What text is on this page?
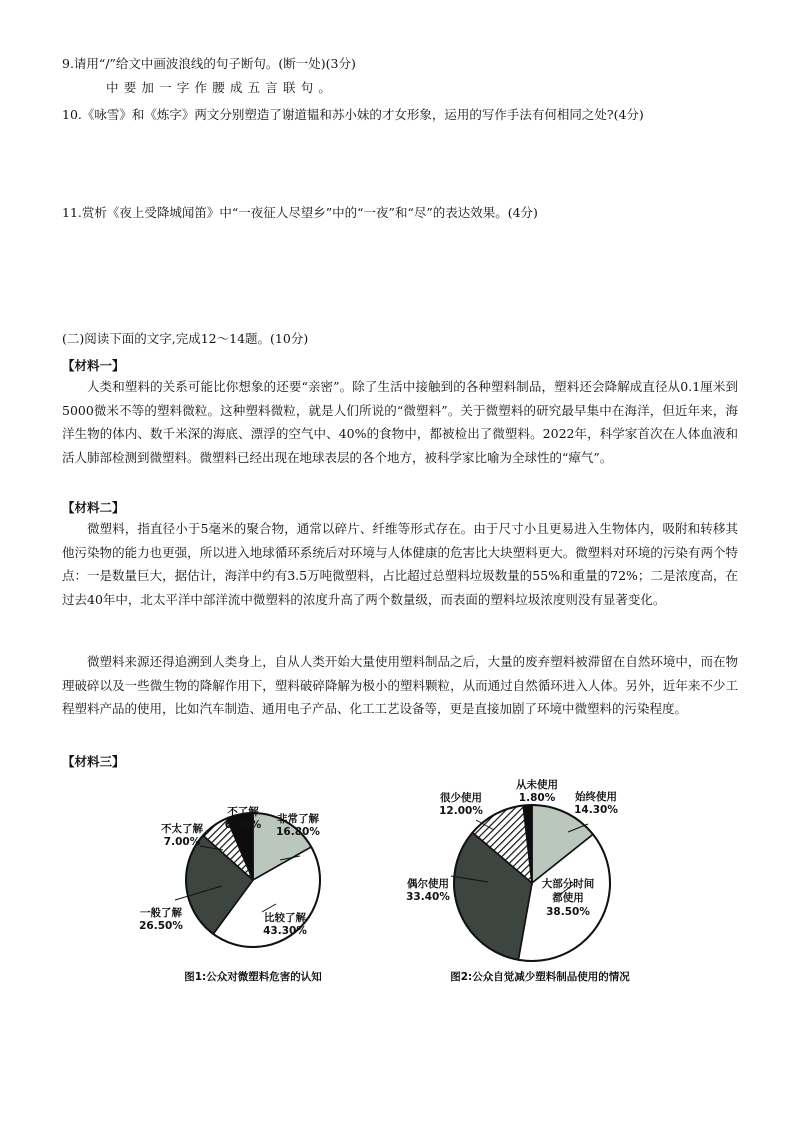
9.请用“/”给文中画波浪线的句子断句。(断一处)(3分)
中要加一字作腰成五言联句。
10.《咏雪》和《炼字》两文分别塑造了谢道韫和苏小妹的才女形象，运用的写作手法有何相同之处?(4分)
11.赏析《夜上受降城闻笛》中“一夜征人尽望乡”中的“一夜”和“尽”的表达效果。(4分)
(二)阅读下面的文字,完成12～14题。(10分)
【材料一】

人类和塑料的关系可能比你想象的还要“亲密”。除了生活中接触到的各种塑料制品，塑料还会降解成直径从0.1厘米到5000微米不等的塑料微粒。这种塑料微粒，就是人们所说的“微塑料”。关于微塑料的研究最早集中在海洋，但近年来，海洋生物的体内、数千米深的海底、漂浮的空气中、40%的食物中，都被检出了微塑料。2022年，科学家首次在人体血液和活人肺部检测到微塑料。微塑料已经出现在地球表层的各个地方，被科学家比喻为全球性的“瘴气”。

【材料二】

微塑料，指直径小于5毫米的聚合物，通常以碎片、纤维等形式存在。由于尺寸小且更易进入生物体内，吸附和转移其他污染物的能力也更强，所以进入地球循环系统后对环境与人体健康的危害比大块塑料更大。微塑料对环境的污染有两个特点：一是数量巨大，据估计，海洋中约有3.5万吨微塑料，占比超过总塑料垃圾数量的55%和重量的72%；二是浓度高，在过去40年中，北太平洋中部洋流中微塑料的浓度升高了两个数量级，而表面的塑料垃圾浓度则没有显著变化。

微塑料来源还得追溯到人类身上，自从人类开始大量使用塑料制品之后，大量的废弃塑料被滞留在自然环境中，而在物理破碎以及一些微生物的降解作用下，塑料破碎降解为极小的塑料颗粒，从而通过自然循环进入人体。另外，近年来不少工程塑料产品的使用，比如汽车制造、通用电子产品、化工工艺设备等，更是直接加剧了环境中微塑料的污染程度。

【材料三】
非常了解
16.80%
比较了解
43.30%
一般了解
26.50%
不太了解
7.00%
不了解
6.40%
图1:公众对微塑料危害的认知
始终使用
14.30%
大部分时间
都使用
38.50%
偶尔使用
33.40%
很少使用
12.00%
从未使用
1.80%
图2:公众自觉减少塑料制品使用的情况
